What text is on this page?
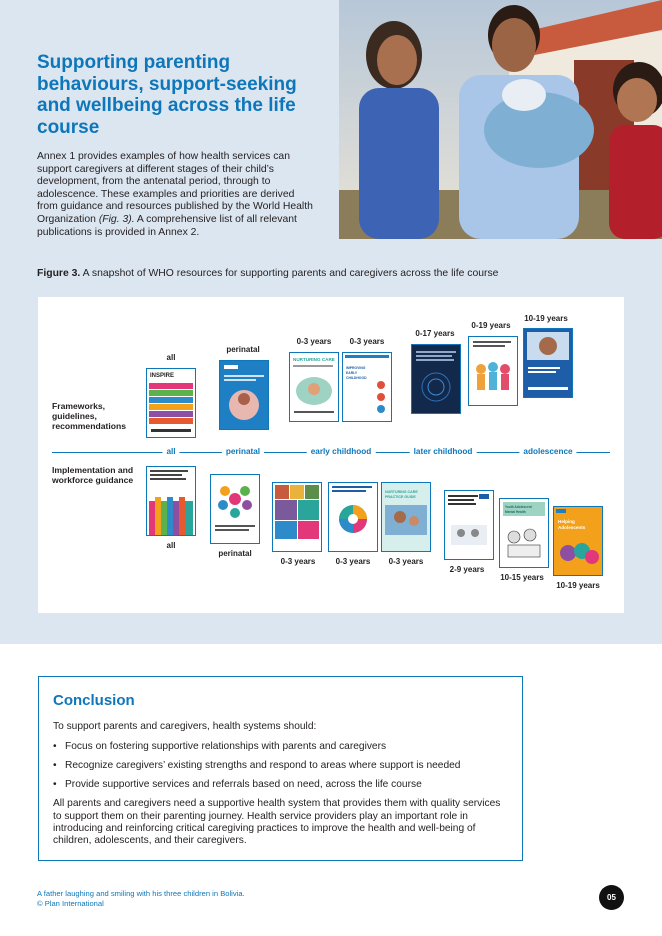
Supporting parenting behaviours, support-seeking and wellbeing across the life course

Annex 1 provides examples of how health services can support caregivers at different stages of their child’s development, from the antenatal period, through to adolescence. These examples and priorities are derived from guidance and resources published by the World Health Organization (Fig. 3). A comprehensive list of all relevant publications is provided in Annex 2.

Figure 3. A snapshot of WHO resources for supporting parents and caregivers across the life course
Frameworks, guidelines, recommendations
Implementation and workforce guidance
all
perinatal
0-3 years 0-3 years
0-17 years
0-19 years
10-19 years
INSPIRE
NURTURING CARE
IMPROVING
EARLY
CHILDHOOD
all	perinatal	early childhood	later childhood	adolescence
NURTURING CARE
PRACTICE GUIDE
Youth Adolescent
Mental Health
Helping
Adolescents
all
perinatal
0-3 years	0-3 years 0-3 years
2-9 years
10-15 years
10-19 years
Conclusion

To support parents and caregivers, health systems should:

• Focus on fostering supportive relationships with parents and caregivers
• Recognize caregivers’ existing strengths and respond to areas where support is needed
• Provide supportive services and referrals based on need, across the life course

All parents and caregivers need a supportive health system that provides them with quality services to support them on their parenting journey. Health service providers play an important role in introducing and reinforcing critical caregiving practices to improve the health and well-being of children, adolescents, and their caregivers.

A father laughing and smiling with his three children in Bolivia.
© Plan International
05
